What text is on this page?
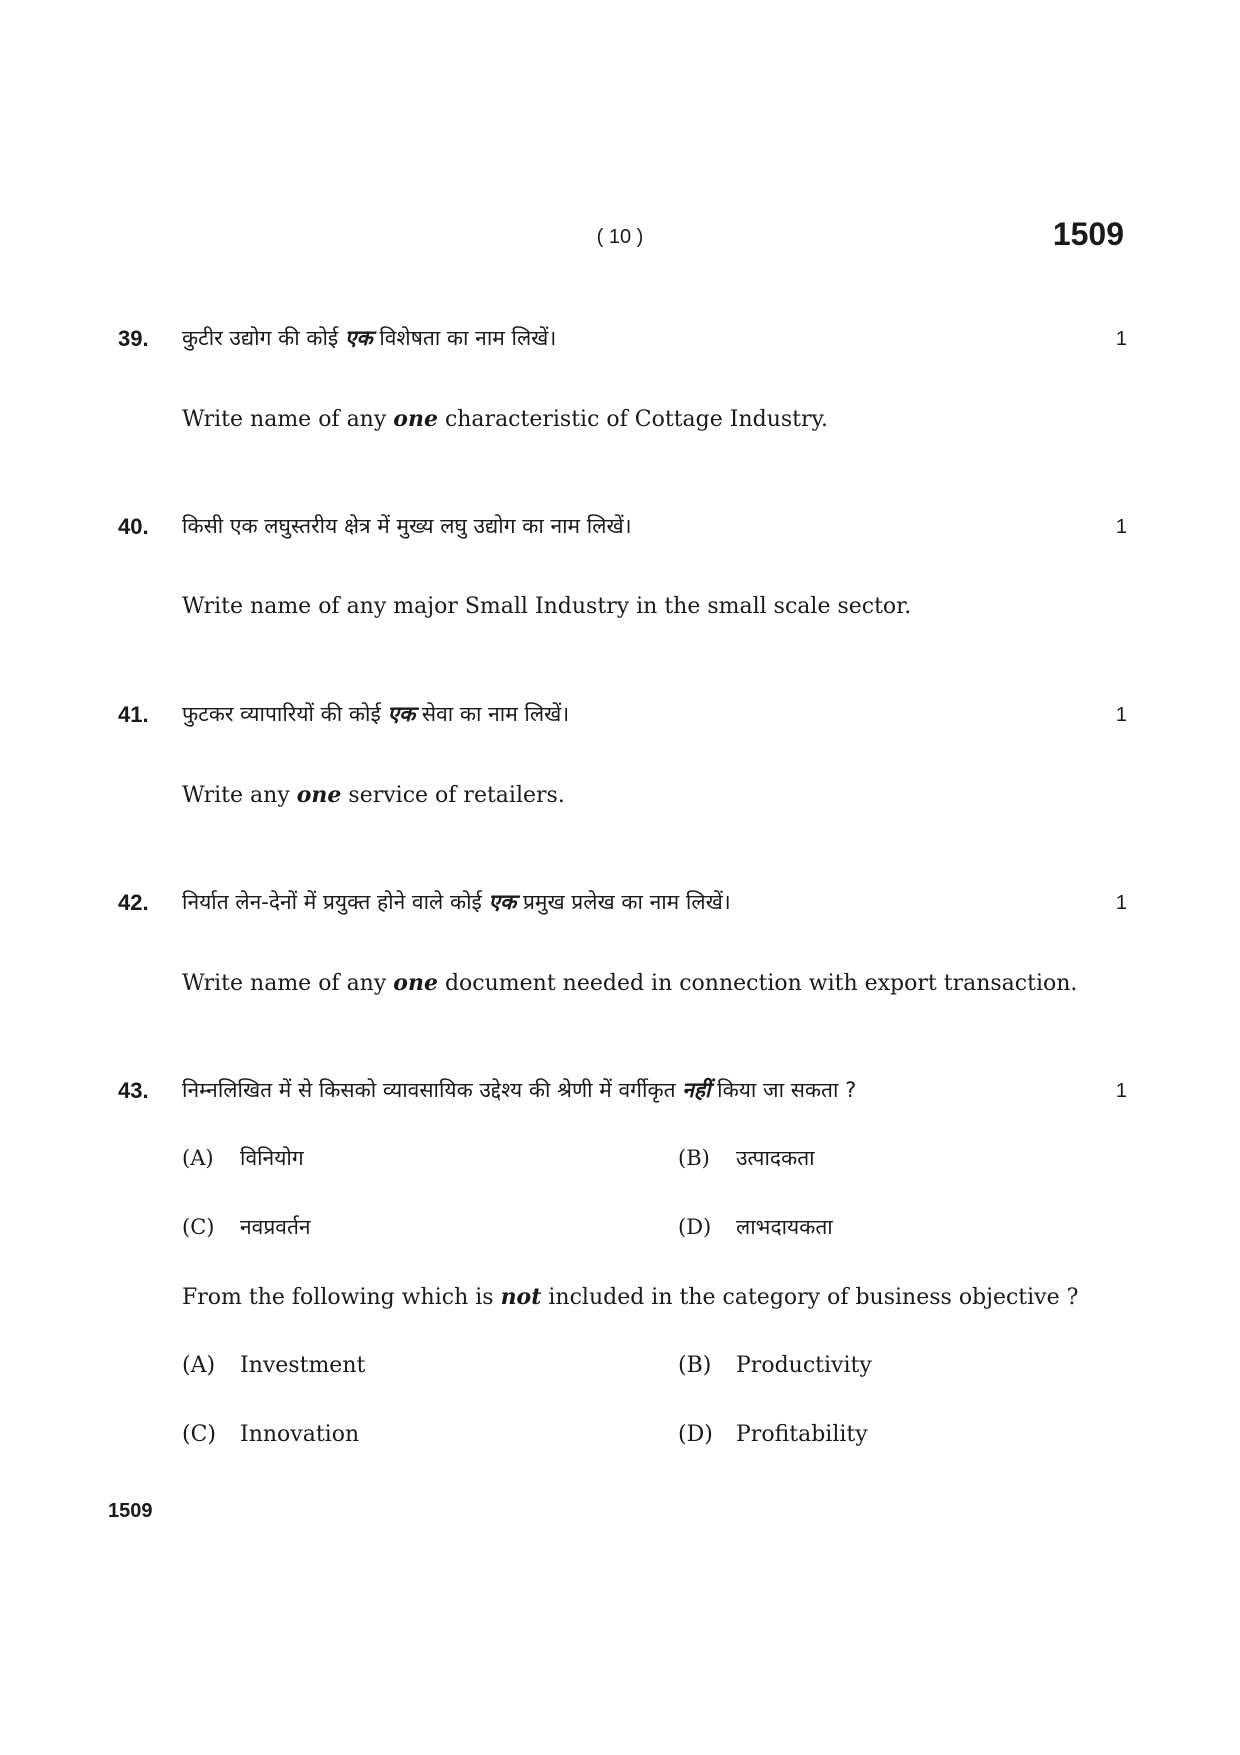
( 10 )	1509
39. कुटीर उद्योग की कोई एक विशेषता का नाम लिखें।	1
Write name of any one characteristic of Cottage Industry.
40. किसी एक लघुस्तरीय क्षेत्र में मुख्य लघु उद्योग का नाम लिखें।	1
Write name of any major Small Industry in the small scale sector.
41. फुटकर व्यापारियों की कोई एक सेवा का नाम लिखें।	1
Write any one service of retailers.
42. निर्यात लेन-देनों में प्रयुक्त होने वाले कोई एक प्रमुख प्रलेख का नाम लिखें।	1
Write name of any one document needed in connection with export transaction.
43. निम्नलिखित में से किसको व्यावसायिक उद्देश्य की श्रेणी में वर्गीकृत नहीं किया जा सकता ?	1
(A) विनियोग	(B) उत्पादकता
(C) नवप्रवर्तन	(D) लाभदायकता
From the following which is not included in the category of business objective ?
(A) Investment	(B) Productivity
(C) Innovation	(D) Profitability
1509
